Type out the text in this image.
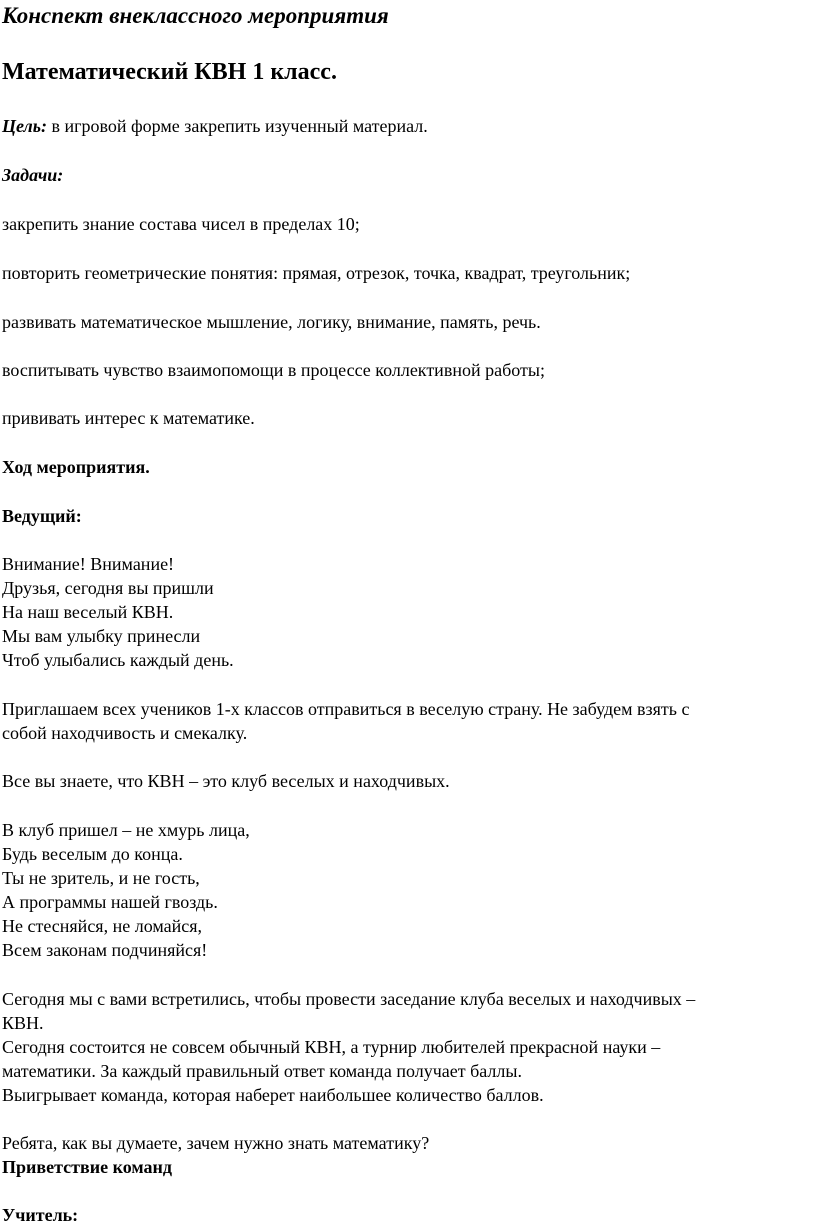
Конспект внеклассного мероприятия
Математический КВН 1 класс.
Цель: в игровой форме закрепить изученный материал.
Задачи:
закрепить знание состава чисел в пределах 10;
повторить геометрические понятия: прямая, отрезок, точка, квадрат, треугольник;
развивать математическое мышление, логику, внимание, память, речь.
воспитывать чувство взаимопомощи в процессе коллективной работы;
прививать интерес к математике.
Ход мероприятия.
Ведущий:
Внимание! Внимание!
Друзья, сегодня вы пришли
На наш веселый КВН.
Мы вам улыбку принесли
Чтоб улыбались каждый день.
Приглашаем всех учеников 1-х классов отправиться в веселую страну. Не забудем взять с
собой находчивость и смекалку.
Все вы знаете, что КВН – это клуб веселых и находчивых.
В клуб пришел – не хмурь лица,
Будь веселым до конца.
Ты не зритель, и не гость,
А программы нашей гвоздь.
Не стесняйся, не ломайся,
Всем законам подчиняйся!
Сегодня мы с вами встретились, чтобы провести заседание клуба веселых и находчивых –
КВН.
Сегодня состоится не совсем обычный КВН, а турнир любителей прекрасной науки –
математики. За каждый правильный ответ команда получает баллы.
Выигрывает команда, которая наберет наибольшее количество баллов.
Ребята, как вы думаете, зачем нужно знать математику?
Приветствие команд
Учитель:
